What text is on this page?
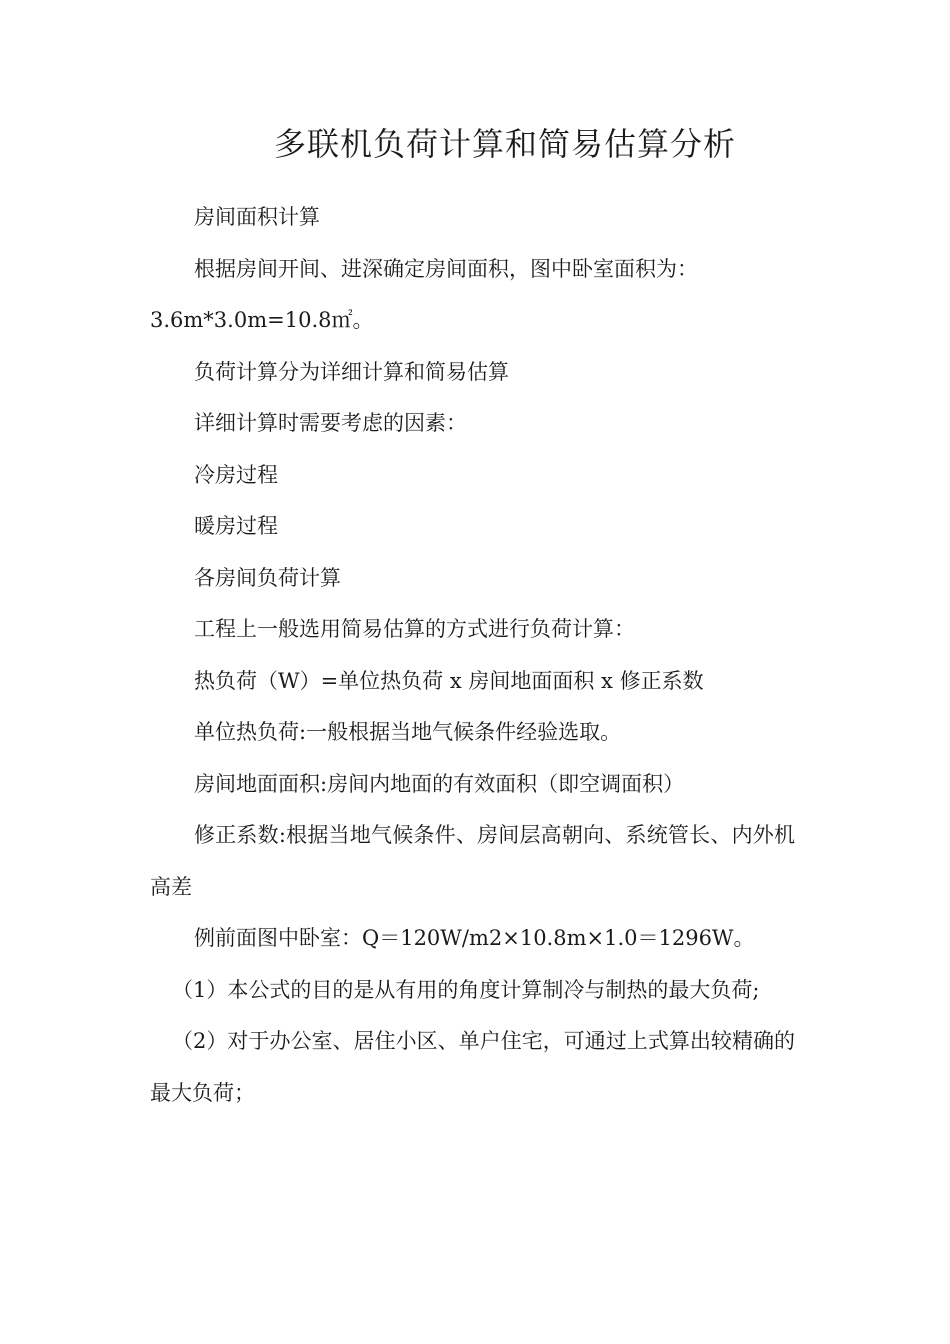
多联机负荷计算和简易估算分析

房间面积计算

根据房间开间、进深确定房间面积，图中卧室面积为：

3.6m*3.0m=10.8㎡。

负荷计算分为详细计算和简易估算

详细计算时需要考虑的因素：

冷房过程

暖房过程

各房间负荷计算

工程上一般选用简易估算的方式进行负荷计算：

热负荷（W）=单位热负荷 x 房间地面面积 x 修正系数

单位热负荷:一般根据当地气候条件经验选取。

房间地面面积:房间内地面的有效面积（即空调面积）

修正系数:根据当地气候条件、房间层高朝向、系统管长、内外机高差

例前面图中卧室：Q＝120W/m2×10.8m×1.0＝1296W。

（1）本公式的目的是从有用的角度计算制冷与制热的最大负荷;

（2）对于办公室、居住小区、单户住宅，可通过上式算出较精确的最大负荷；
